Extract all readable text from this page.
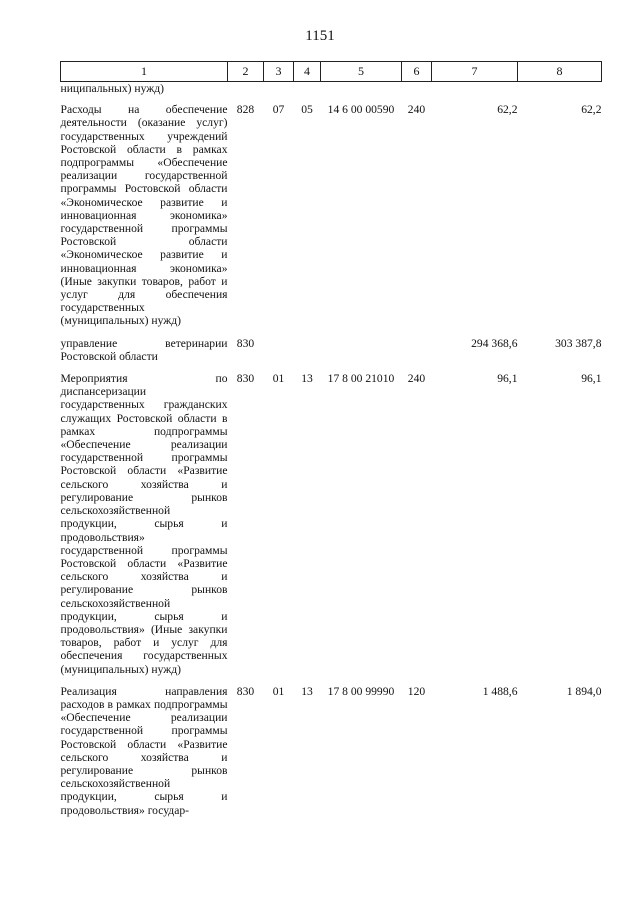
1151
1	2	3	4	5	6	7	8
ниципальных) нужд)							
Расходы на обеспечение деятельности (оказание услуг) государственных учреждений Ростовской области в рамках подпрограммы «Обеспечение реализации государственной программы Ростовской области «Экономическое развитие и инновационная экономика» государственной программы Ростовской области «Экономическое развитие и инновационная экономика» (Иные закупки товаров, работ и услуг для обеспечения государственных (муниципальных) нужд)	828	07	05	14 6 00 00590	240	62,2	62,2
управление ветеринарии Ростовской области	830					294 368,6	303 387,8
Мероприятия по диспансеризации государственных гражданских служащих Ростовской области в рамках подпрограммы «Обеспечение реализации государственной программы Ростовской области «Развитие сельского хозяйства и регулирование рынков сельскохозяйственной продукции, сырья и продовольствия» государственной программы Ростовской области «Развитие сельского хозяйства и регулирование рынков сельскохозяйственной продукции, сырья и продовольствия» (Иные закупки товаров, работ и услуг для обеспечения государственных (муниципальных) нужд)	830	01	13	17 8 00 21010	240	96,1	96,1
Реализация направления расходов в рамках подпрограммы «Обеспечение реализации государственной программы Ростовской области «Развитие сельского хозяйства и регулирование рынков сельскохозяйственной продукции, сырья и продовольствия» государ-	830	01	13	17 8 00 99990	120	1 488,6	1 894,0
